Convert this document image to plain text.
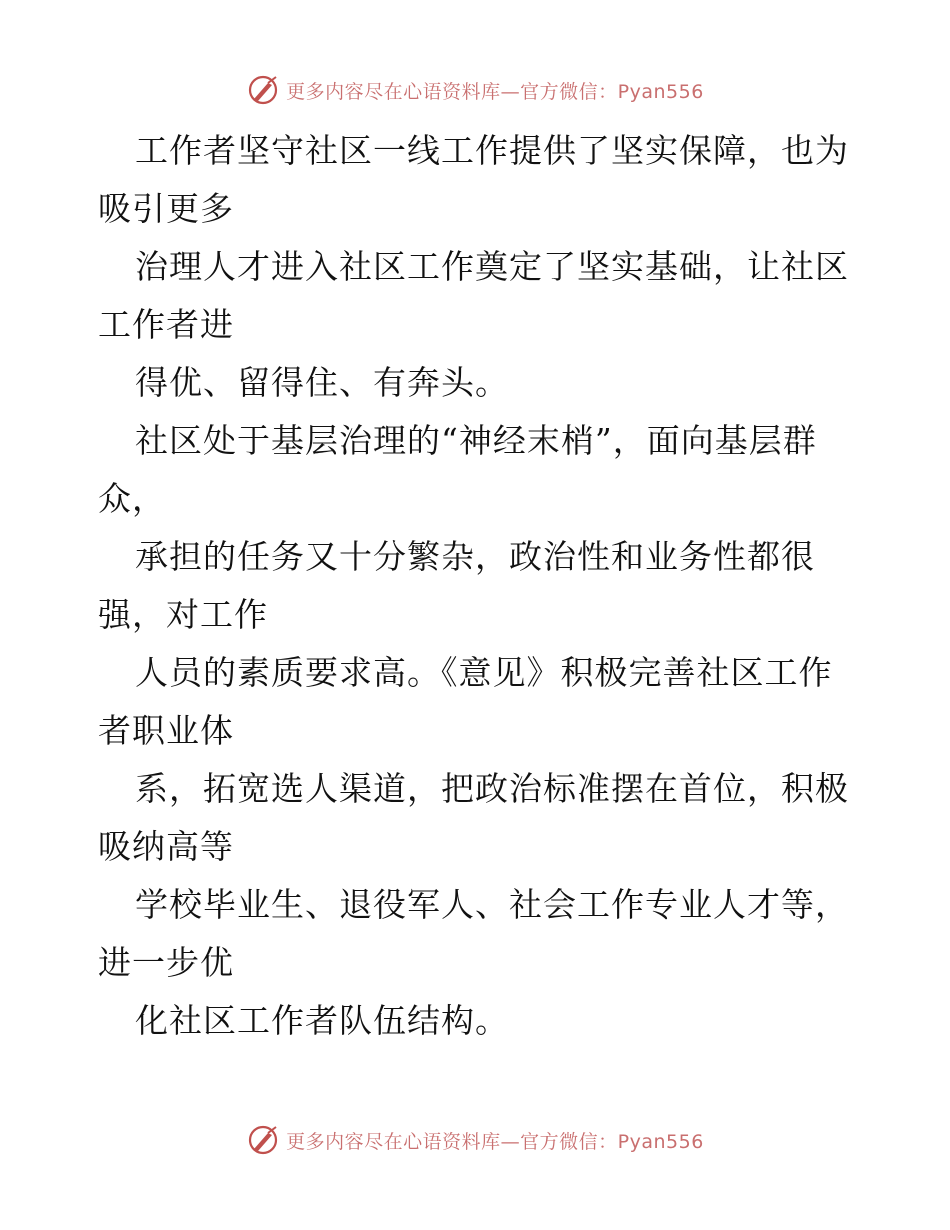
更多内容尽在心语资料库—官方微信：Pyan556
工作者坚守社区一线工作提供了坚实保障，也为
吸引更多
治理人才进入社区工作奠定了坚实基础，让社区
工作者进
得优、留得住、有奔头。
社区处于基层治理的“神经末梢”，面向基层群
众，
承担的任务又十分繁杂，政治性和业务性都很
强，对工作
人员的素质要求高。《意见》积极完善社区工作
者职业体
系，拓宽选人渠道，把政治标准摆在首位，积极
吸纳高等
学校毕业生、退役军人、社会工作专业人才等，
进一步优
化社区工作者队伍结构。
更多内容尽在心语资料库—官方微信：Pyan556
